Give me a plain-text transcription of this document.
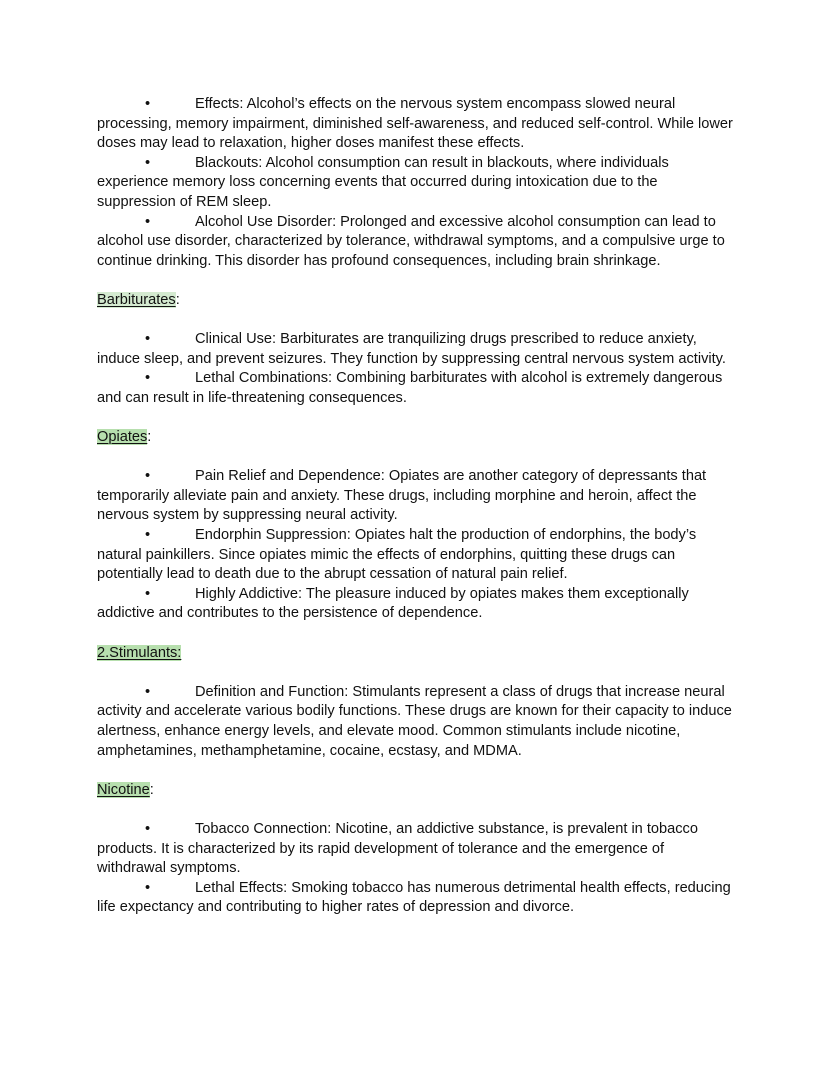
•	Effects: Alcohol’s effects on the nervous system encompass slowed neural processing, memory impairment, diminished self-awareness, and reduced self-control. While lower doses may lead to relaxation, higher doses manifest these effects.

•	Blackouts: Alcohol consumption can result in blackouts, where individuals experience memory loss concerning events that occurred during intoxication due to the suppression of REM sleep.

•	Alcohol Use Disorder: Prolonged and excessive alcohol consumption can lead to alcohol use disorder, characterized by tolerance, withdrawal symptoms, and a compulsive urge to continue drinking. This disorder has profound consequences, including brain shrinkage.

Barbiturates:

•	Clinical Use: Barbiturates are tranquilizing drugs prescribed to reduce anxiety, induce sleep, and prevent seizures. They function by suppressing central nervous system activity.

•	Lethal Combinations: Combining barbiturates with alcohol is extremely dangerous and can result in life-threatening consequences.

Opiates:

•	Pain Relief and Dependence: Opiates are another category of depressants that temporarily alleviate pain and anxiety. These drugs, including morphine and heroin, affect the nervous system by suppressing neural activity.

•	Endorphin Suppression: Opiates halt the production of endorphins, the body’s natural painkillers. Since opiates mimic the effects of endorphins, quitting these drugs can potentially lead to death due to the abrupt cessation of natural pain relief.

•	Highly Addictive: The pleasure induced by opiates makes them exceptionally addictive and contributes to the persistence of dependence.

2.Stimulants:

•	Definition and Function: Stimulants represent a class of drugs that increase neural activity and accelerate various bodily functions. These drugs are known for their capacity to induce alertness, enhance energy levels, and elevate mood. Common stimulants include nicotine, amphetamines, methamphetamine, cocaine, ecstasy, and MDMA.

Nicotine:

•	Tobacco Connection: Nicotine, an addictive substance, is prevalent in tobacco products. It is characterized by its rapid development of tolerance and the emergence of withdrawal symptoms.

•	Lethal Effects: Smoking tobacco has numerous detrimental health effects, reducing life expectancy and contributing to higher rates of depression and divorce.
